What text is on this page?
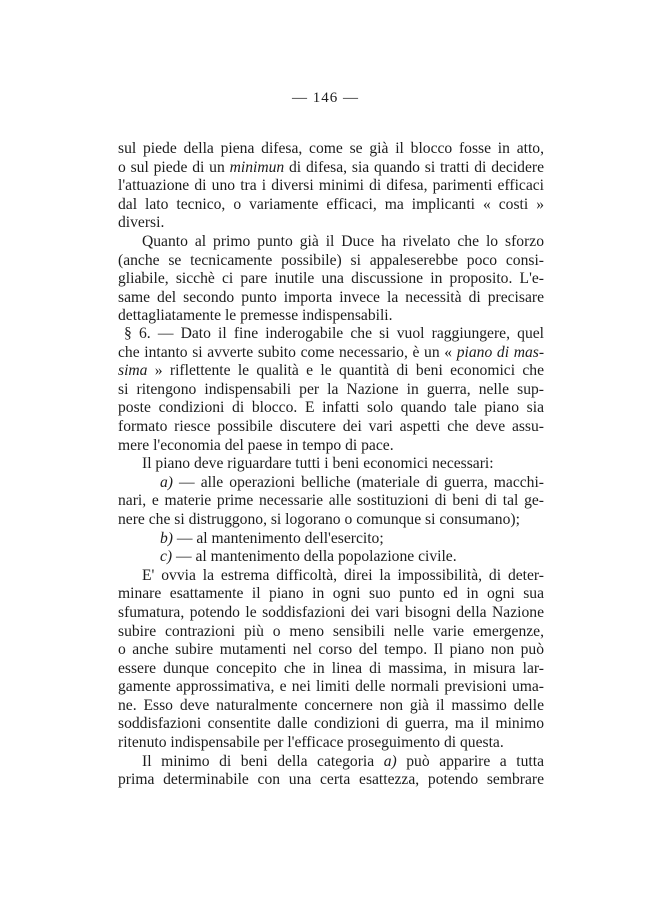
— 146 —
sul piede della piena difesa, come se già il blocco fosse in atto,
o sul piede di un minimun di difesa, sia quando si tratti di decidere
l'attuazione di uno tra i diversi minimi di difesa, parimenti efficaci
dal lato tecnico, o variamente efficaci, ma implicanti « costi »
diversi.
Quanto al primo punto già il Duce ha rivelato che lo sforzo
(anche se tecnicamente possibile) si appaleserebbe poco consi-
gliabile, sicchè ci pare inutile una discussione in proposito. L'e-
same del secondo punto importa invece la necessità di precisare
dettagliatamente le premesse indispensabili.
§ 6. — Dato il fine inderogabile che si vuol raggiungere, quel
che intanto si avverte subito come necessario, è un « piano di mas-
sima » riflettente le qualità e le quantità di beni economici che
si ritengono indispensabili per la Nazione in guerra, nelle sup-
poste condizioni di blocco. E infatti solo quando tale piano sia
formato riesce possibile discutere dei vari aspetti che deve assu-
mere l'economia del paese in tempo di pace.
Il piano deve riguardare tutti i beni economici necessari:
a) — alle operazioni belliche (materiale di guerra, macchi-
nari, e materie prime necessarie alle sostituzioni di beni di tal ge-
nere che si distruggono, si logorano o comunque si consumano);
b) — al mantenimento dell'esercito;
c) — al mantenimento della popolazione civile.
E' ovvia la estrema difficoltà, direi la impossibilità, di deter-
minare esattamente il piano in ogni suo punto ed in ogni sua
sfumatura, potendo le soddisfazioni dei vari bisogni della Nazione
subire contrazioni più o meno sensibili nelle varie emergenze,
o anche subire mutamenti nel corso del tempo. Il piano non può
essere dunque concepito che in linea di massima, in misura lar-
gamente approssimativa, e nei limiti delle normali previsioni uma-
ne. Esso deve naturalmente concernere non già il massimo delle
soddisfazioni consentite dalle condizioni di guerra, ma il minimo
ritenuto indispensabile per l'efficace proseguimento di questa.
Il minimo di beni della categoria a) può apparire a tutta
prima determinabile con una certa esattezza, potendo sembrare
